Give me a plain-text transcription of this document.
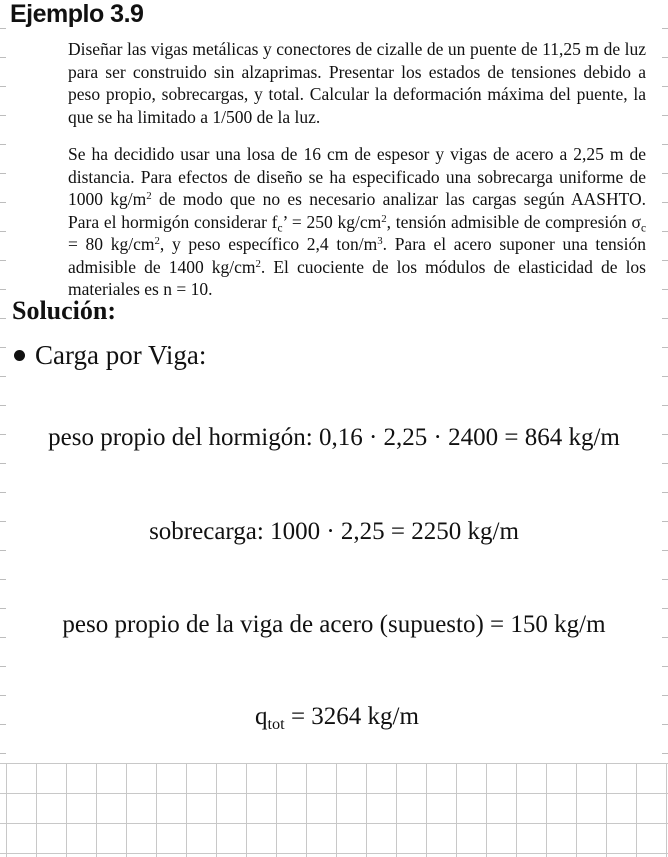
Ejemplo 3.9

Diseñar las vigas metálicas y conectores de cizalle de un puente de 11,25 m de luz para ser construido sin alzaprimas. Presentar los estados de tensiones debido a peso propio, sobrecargas, y total. Calcular la deformación máxima del puente, la que se ha limitado a 1/500 de la luz.

Se ha decidido usar una losa de 16 cm de espesor y vigas de acero a 2,25 m de distancia. Para efectos de diseño se ha especificado una sobrecarga uniforme de 1000 $kg/m^2$ de modo que no es necesario analizar las cargas según AASHTO. Para el hormigón considerar $f_c$’ = 250 $kg/cm^2$, tensión admisible de compresión $\sigma_c = 80$ $kg/cm^2$, y peso específico 2,4 ton/$m^3$. Para el acero suponer una tensión admisible de 1400 $kg/cm^2$. El cuociente de los módulos de elasticidad de los materiales es n = 10.

Solución:
Carga por Viga:

peso propio del hormigón: 0,16 · 2,25 · 2400 = 864 kg/m

sobrecarga: 1000 · 2,25 = 2250 kg/m

peso propio de la viga de acero (supuesto) = 150 kg/m

$q_{tot} = 3264$ kg/m
